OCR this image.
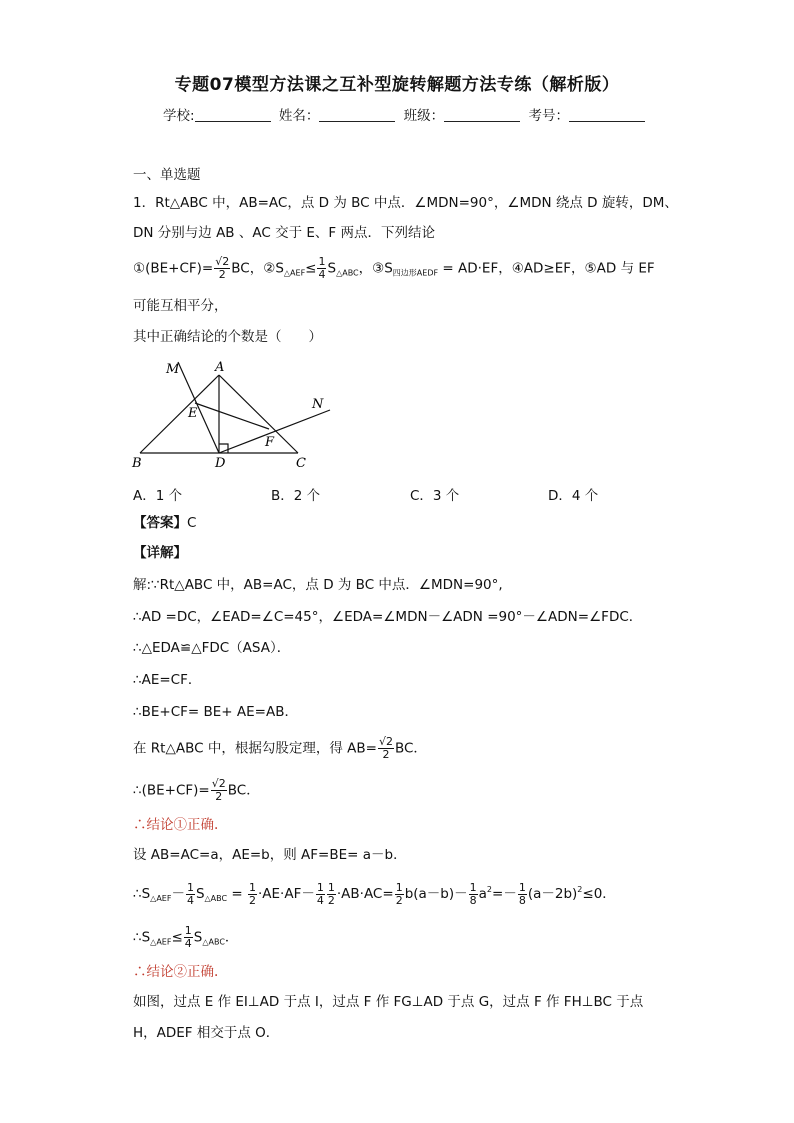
专题07模型方法课之互补型旋转解题方法专练（解析版）
学校:	姓名：	班级：	考号：
一、单选题
1．Rt△ABC 中，AB=AC，点 D 为 BC 中点．∠MDN=90°，∠MDN 绕点 D 旋转，DM、
DN 分别与边 AB 、AC 交于 E、F 两点．下列结论
①(BE+CF)= $\frac{√2}{2}$ BC，$②S_{\triangle AEF}\le \frac{1}{4} S_{\triangle ABC}$，$③S_{四边形AEDF} = AD\cdot EF$，④AD≥EF，⑤AD 与 EF
可能互相平分，
其中正确结论的个数是（　　）
M	A
N
E
F
B	D	C
A．1 个	B．2 个	C．3 个	D．4 个
【答案】C
【详解】
解:∵Rt△ABC 中，AB=AC，点 D 为 BC 中点．∠MDN=90°,
∴AD =DC，∠EAD=∠C=45°，∠EDA=∠MDN－∠ADN =90°－∠ADN=∠FDC．
∴△EDA≌△FDC（ASA）．
∴AE=CF．
∴BE+CF= BE+ AE=AB．
在 Rt△ABC 中，根据勾股定理，得 $AB= \frac{√2}{2}$ BC．
∴(BE+CF)= $\frac{√2}{2}$ BC．
∴结论①正确.
设 AB=AC=a，AE=b，则 AF=BE= a－b．
$\therefore S_{\triangle AEF}- \frac{1}{4} S_{\triangle ABC} = \frac{1}{2} \cdot AE\cdot AF- \frac{1}{4} \frac{1}{2} \cdot AB\cdot AC= \frac{1}{2} b(a-b)- \frac{1}{8} a^2=- \frac{1}{8} (a-2b)^2\le 0$．
$\therefore S_{\triangle AEF}\le \frac{1}{4} S_{\triangle ABC}$．
∴结论②正确.
如图，过点 E 作 EI⊥AD 于点 I，过点 F 作 FG⊥AD 于点 G，过点 F 作 FH⊥BC 于点
H，ADEF 相交于点 O．
